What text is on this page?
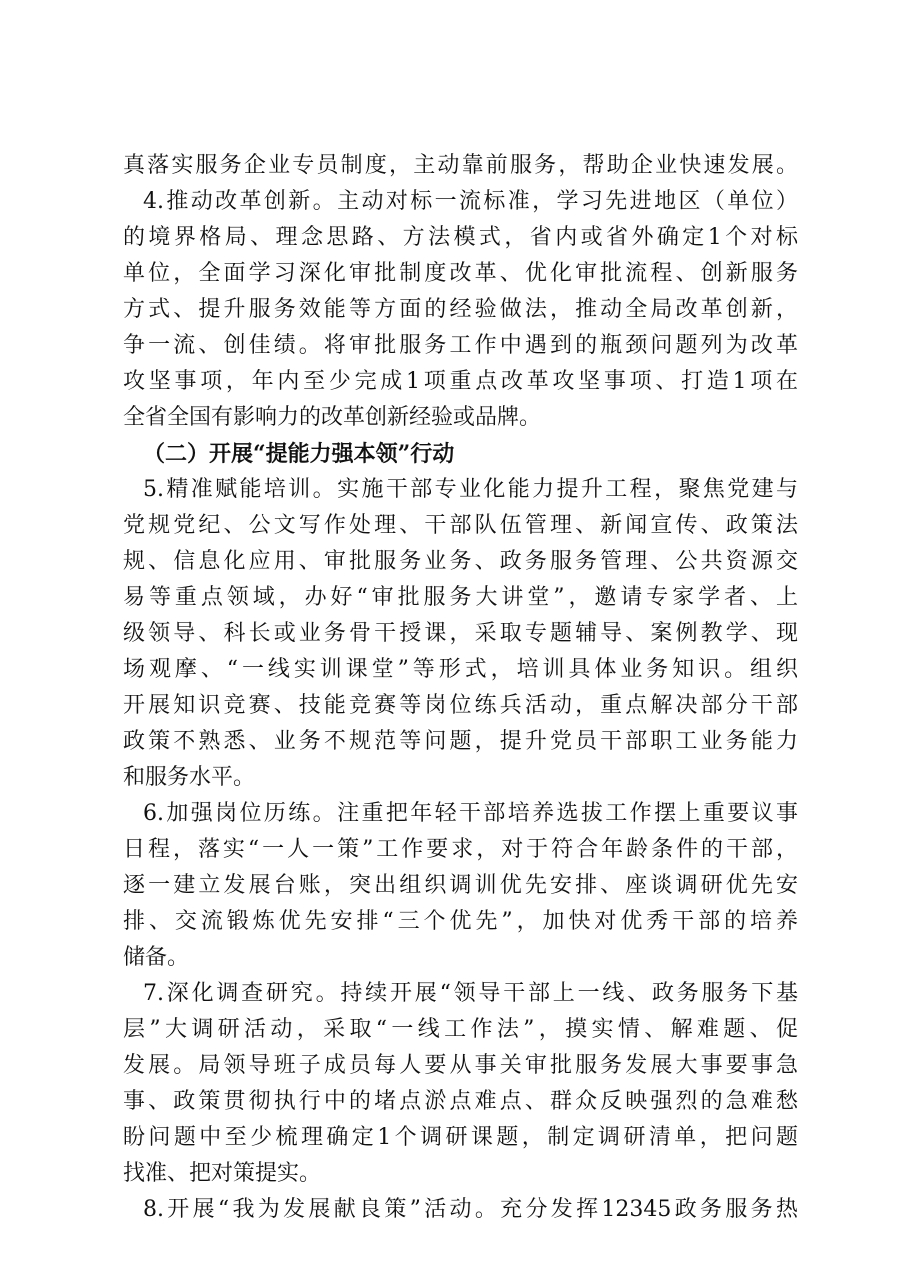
真落实服务企业专员制度，主动靠前服务，帮助企业快速发展。
4.推动改革创新。主动对标一流标准，学习先进地区（单位）
的境界格局、理念思路、方法模式，省内或省外确定1个对标
单位，全面学习深化审批制度改革、优化审批流程、创新服务
方式、提升服务效能等方面的经验做法，推动全局改革创新，
争一流、创佳绩。将审批服务工作中遇到的瓶颈问题列为改革
攻坚事项，年内至少完成1项重点改革攻坚事项、打造1项在
全省全国有影响力的改革创新经验或品牌。
（二）开展“提能力强本领”行动
5.精准赋能培训。实施干部专业化能力提升工程，聚焦党建与
党规党纪、公文写作处理、干部队伍管理、新闻宣传、政策法
规、信息化应用、审批服务业务、政务服务管理、公共资源交
易等重点领域，办好“审批服务大讲堂”，邀请专家学者、上
级领导、科长或业务骨干授课，采取专题辅导、案例教学、现
场观摩、“一线实训课堂”等形式，培训具体业务知识。组织
开展知识竞赛、技能竞赛等岗位练兵活动，重点解决部分干部
政策不熟悉、业务不规范等问题，提升党员干部职工业务能力
和服务水平。
6.加强岗位历练。注重把年轻干部培养选拔工作摆上重要议事
日程，落实“一人一策”工作要求，对于符合年龄条件的干部，
逐一建立发展台账，突出组织调训优先安排、座谈调研优先安
排、交流锻炼优先安排“三个优先”，加快对优秀干部的培养
储备。
7.深化调查研究。持续开展“领导干部上一线、政务服务下基
层”大调研活动，采取“一线工作法”，摸实情、解难题、促
发展。局领导班子成员每人要从事关审批服务发展大事要事急
事、政策贯彻执行中的堵点淤点难点、群众反映强烈的急难愁
盼问题中至少梳理确定1个调研课题，制定调研清单，把问题
找准、把对策提实。
8.开展“我为发展献良策”活动。充分发挥12345政务服务热
